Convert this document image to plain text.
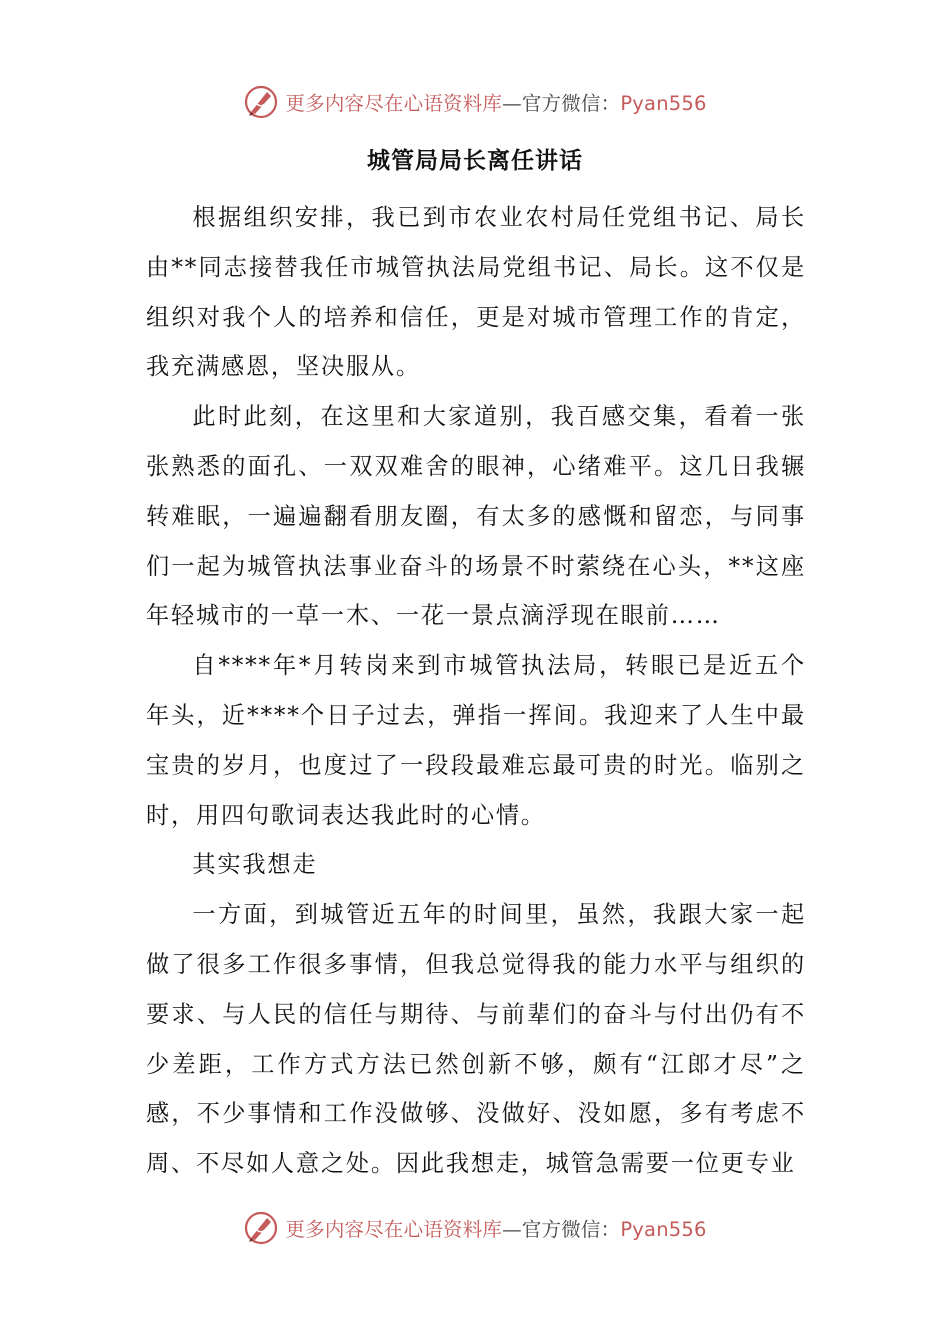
更多内容尽在心语资料库—官方微信：Pyan556
城管局局长离任讲话

根据组织安排，我已到市农业农村局任党组书记、局长由**同志接替我任市城管执法局党组书记、局长。这不仅是组织对我个人的培养和信任，更是对城市管理工作的肯定，我充满感恩，坚决服从。

此时此刻，在这里和大家道别，我百感交集，看着一张张熟悉的面孔、一双双难舍的眼神，心绪难平。这几日我辗转难眠，一遍遍翻看朋友圈，有太多的感慨和留恋，与同事们一起为城管执法事业奋斗的场景不时萦绕在心头，**这座年轻城市的一草一木、一花一景点滴浮现在眼前……

自****年*月转岗来到市城管执法局，转眼已是近五个年头，近****个日子过去，弹指一挥间。我迎来了人生中最宝贵的岁月，也度过了一段段最难忘最可贵的时光。临别之时，用四句歌词表达我此时的心情。

其实我想走

一方面，到城管近五年的时间里，虽然，我跟大家一起做了很多工作很多事情，但我总觉得我的能力水平与组织的要求、与人民的信任与期待、与前辈们的奋斗与付出仍有不少差距，工作方式方法已然创新不够，颇有“江郎才尽”之感，不少事情和工作没做够、没做好、没如愿，多有考虑不周、不尽如人意之处。因此我想走，城管急需要一位更专业

更多内容尽在心语资料库—官方微信：Pyan556
